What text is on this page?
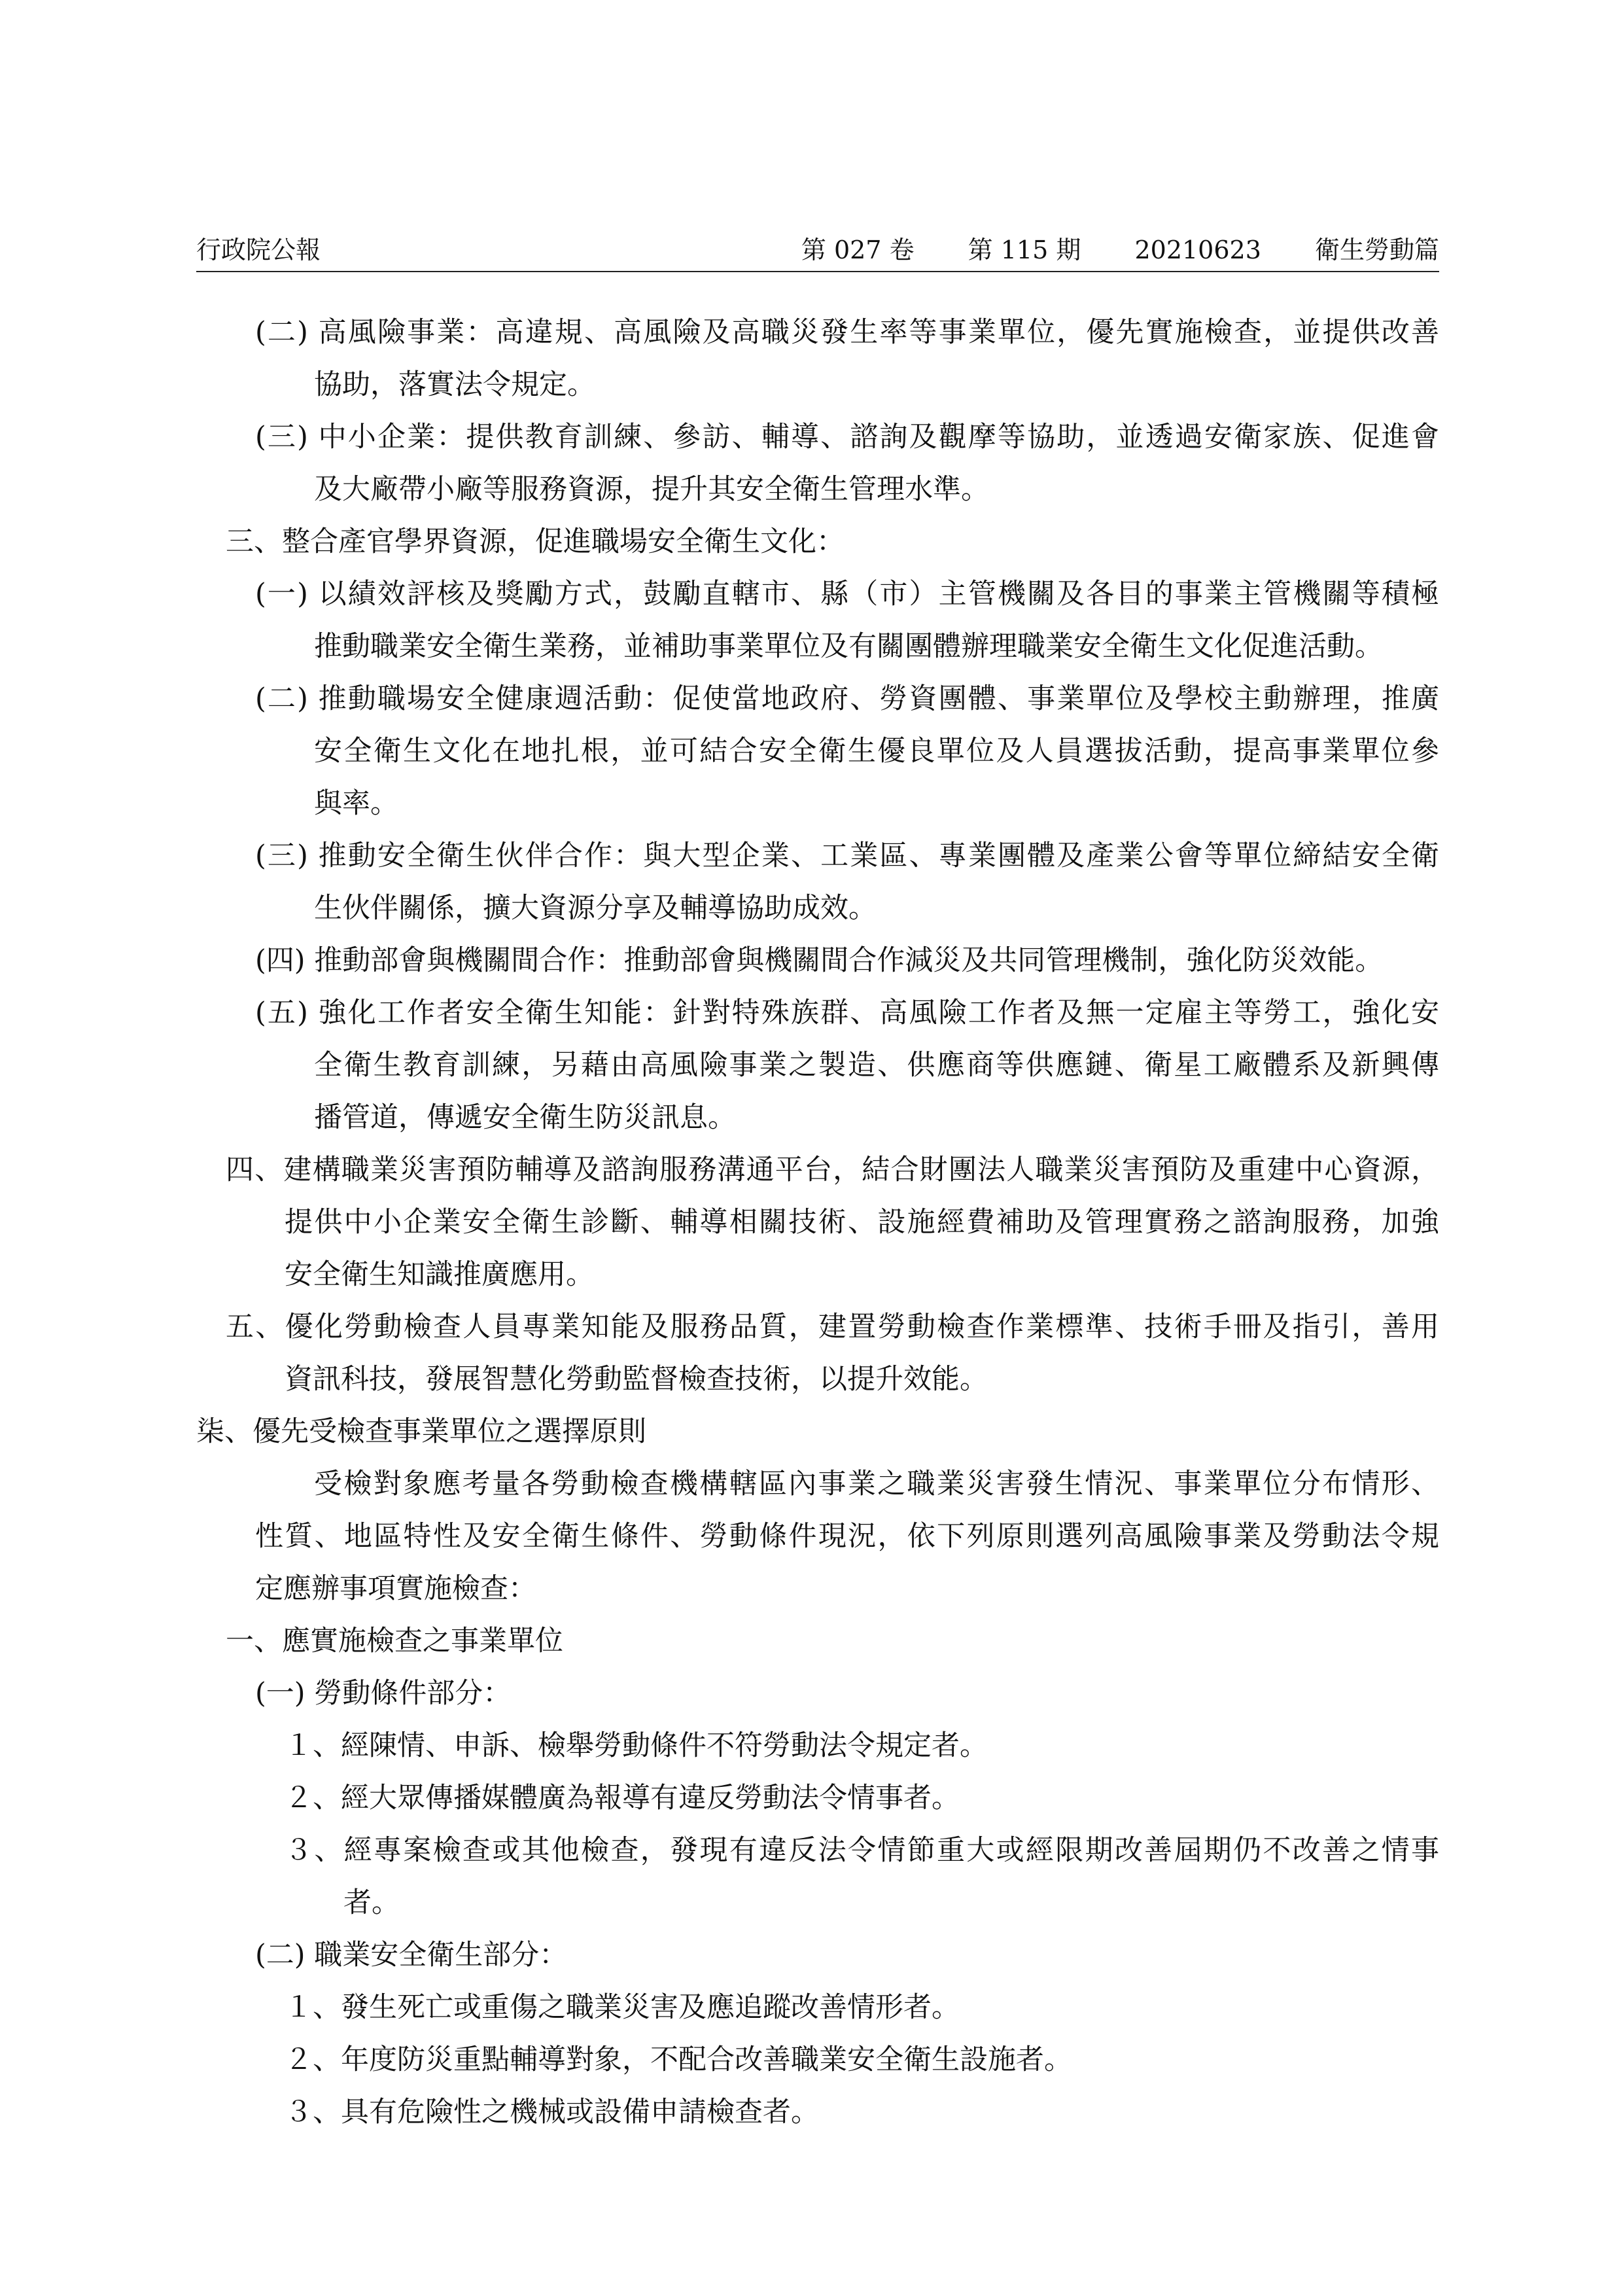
行政院公報	第 027 卷 第 115 期 20210623 衛生勞動篇
(二) 高風險事業：高違規、高風險及高職災發生率等事業單位，優先實施檢查，並提供改善
協助，落實法令規定。
(三) 中小企業：提供教育訓練、參訪、輔導、諮詢及觀摩等協助，並透過安衛家族、促進會
及大廠帶小廠等服務資源，提升其安全衛生管理水準。
三、整合產官學界資源，促進職場安全衛生文化：
(一) 以績效評核及獎勵方式，鼓勵直轄市、縣（市）主管機關及各目的事業主管機關等積極
推動職業安全衛生業務，並補助事業單位及有關團體辦理職業安全衛生文化促進活動。
(二) 推動職場安全健康週活動：促使當地政府、勞資團體、事業單位及學校主動辦理，推廣
安全衛生文化在地扎根，並可結合安全衛生優良單位及人員選拔活動，提高事業單位參
與率。
(三) 推動安全衛生伙伴合作：與大型企業、工業區、專業團體及產業公會等單位締結安全衛
生伙伴關係，擴大資源分享及輔導協助成效。
(四) 推動部會與機關間合作：推動部會與機關間合作減災及共同管理機制，強化防災效能。
(五) 強化工作者安全衛生知能：針對特殊族群、高風險工作者及無一定雇主等勞工，強化安
全衛生教育訓練，另藉由高風險事業之製造、供應商等供應鏈、衛星工廠體系及新興傳
播管道，傳遞安全衛生防災訊息。
四、建構職業災害預防輔導及諮詢服務溝通平台，結合財團法人職業災害預防及重建中心資源，
提供中小企業安全衛生診斷、輔導相關技術、設施經費補助及管理實務之諮詢服務，加強
安全衛生知識推廣應用。
五、優化勞動檢查人員專業知能及服務品質，建置勞動檢查作業標準、技術手冊及指引，善用
資訊科技，發展智慧化勞動監督檢查技術，以提升效能。
柒、優先受檢查事業單位之選擇原則
受檢對象應考量各勞動檢查機構轄區內事業之職業災害發生情況、事業單位分布情形、
性質、地區特性及安全衛生條件、勞動條件現況，依下列原則選列高風險事業及勞動法令規
定應辦事項實施檢查：
一、應實施檢查之事業單位
(一) 勞動條件部分：
１、經陳情、申訴、檢舉勞動條件不符勞動法令規定者。
２、經大眾傳播媒體廣為報導有違反勞動法令情事者。
３、經專案檢查或其他檢查，發現有違反法令情節重大或經限期改善屆期仍不改善之情事
者。
(二) 職業安全衛生部分：
１、發生死亡或重傷之職業災害及應追蹤改善情形者。
２、年度防災重點輔導對象，不配合改善職業安全衛生設施者。
３、具有危險性之機械或設備申請檢查者。
